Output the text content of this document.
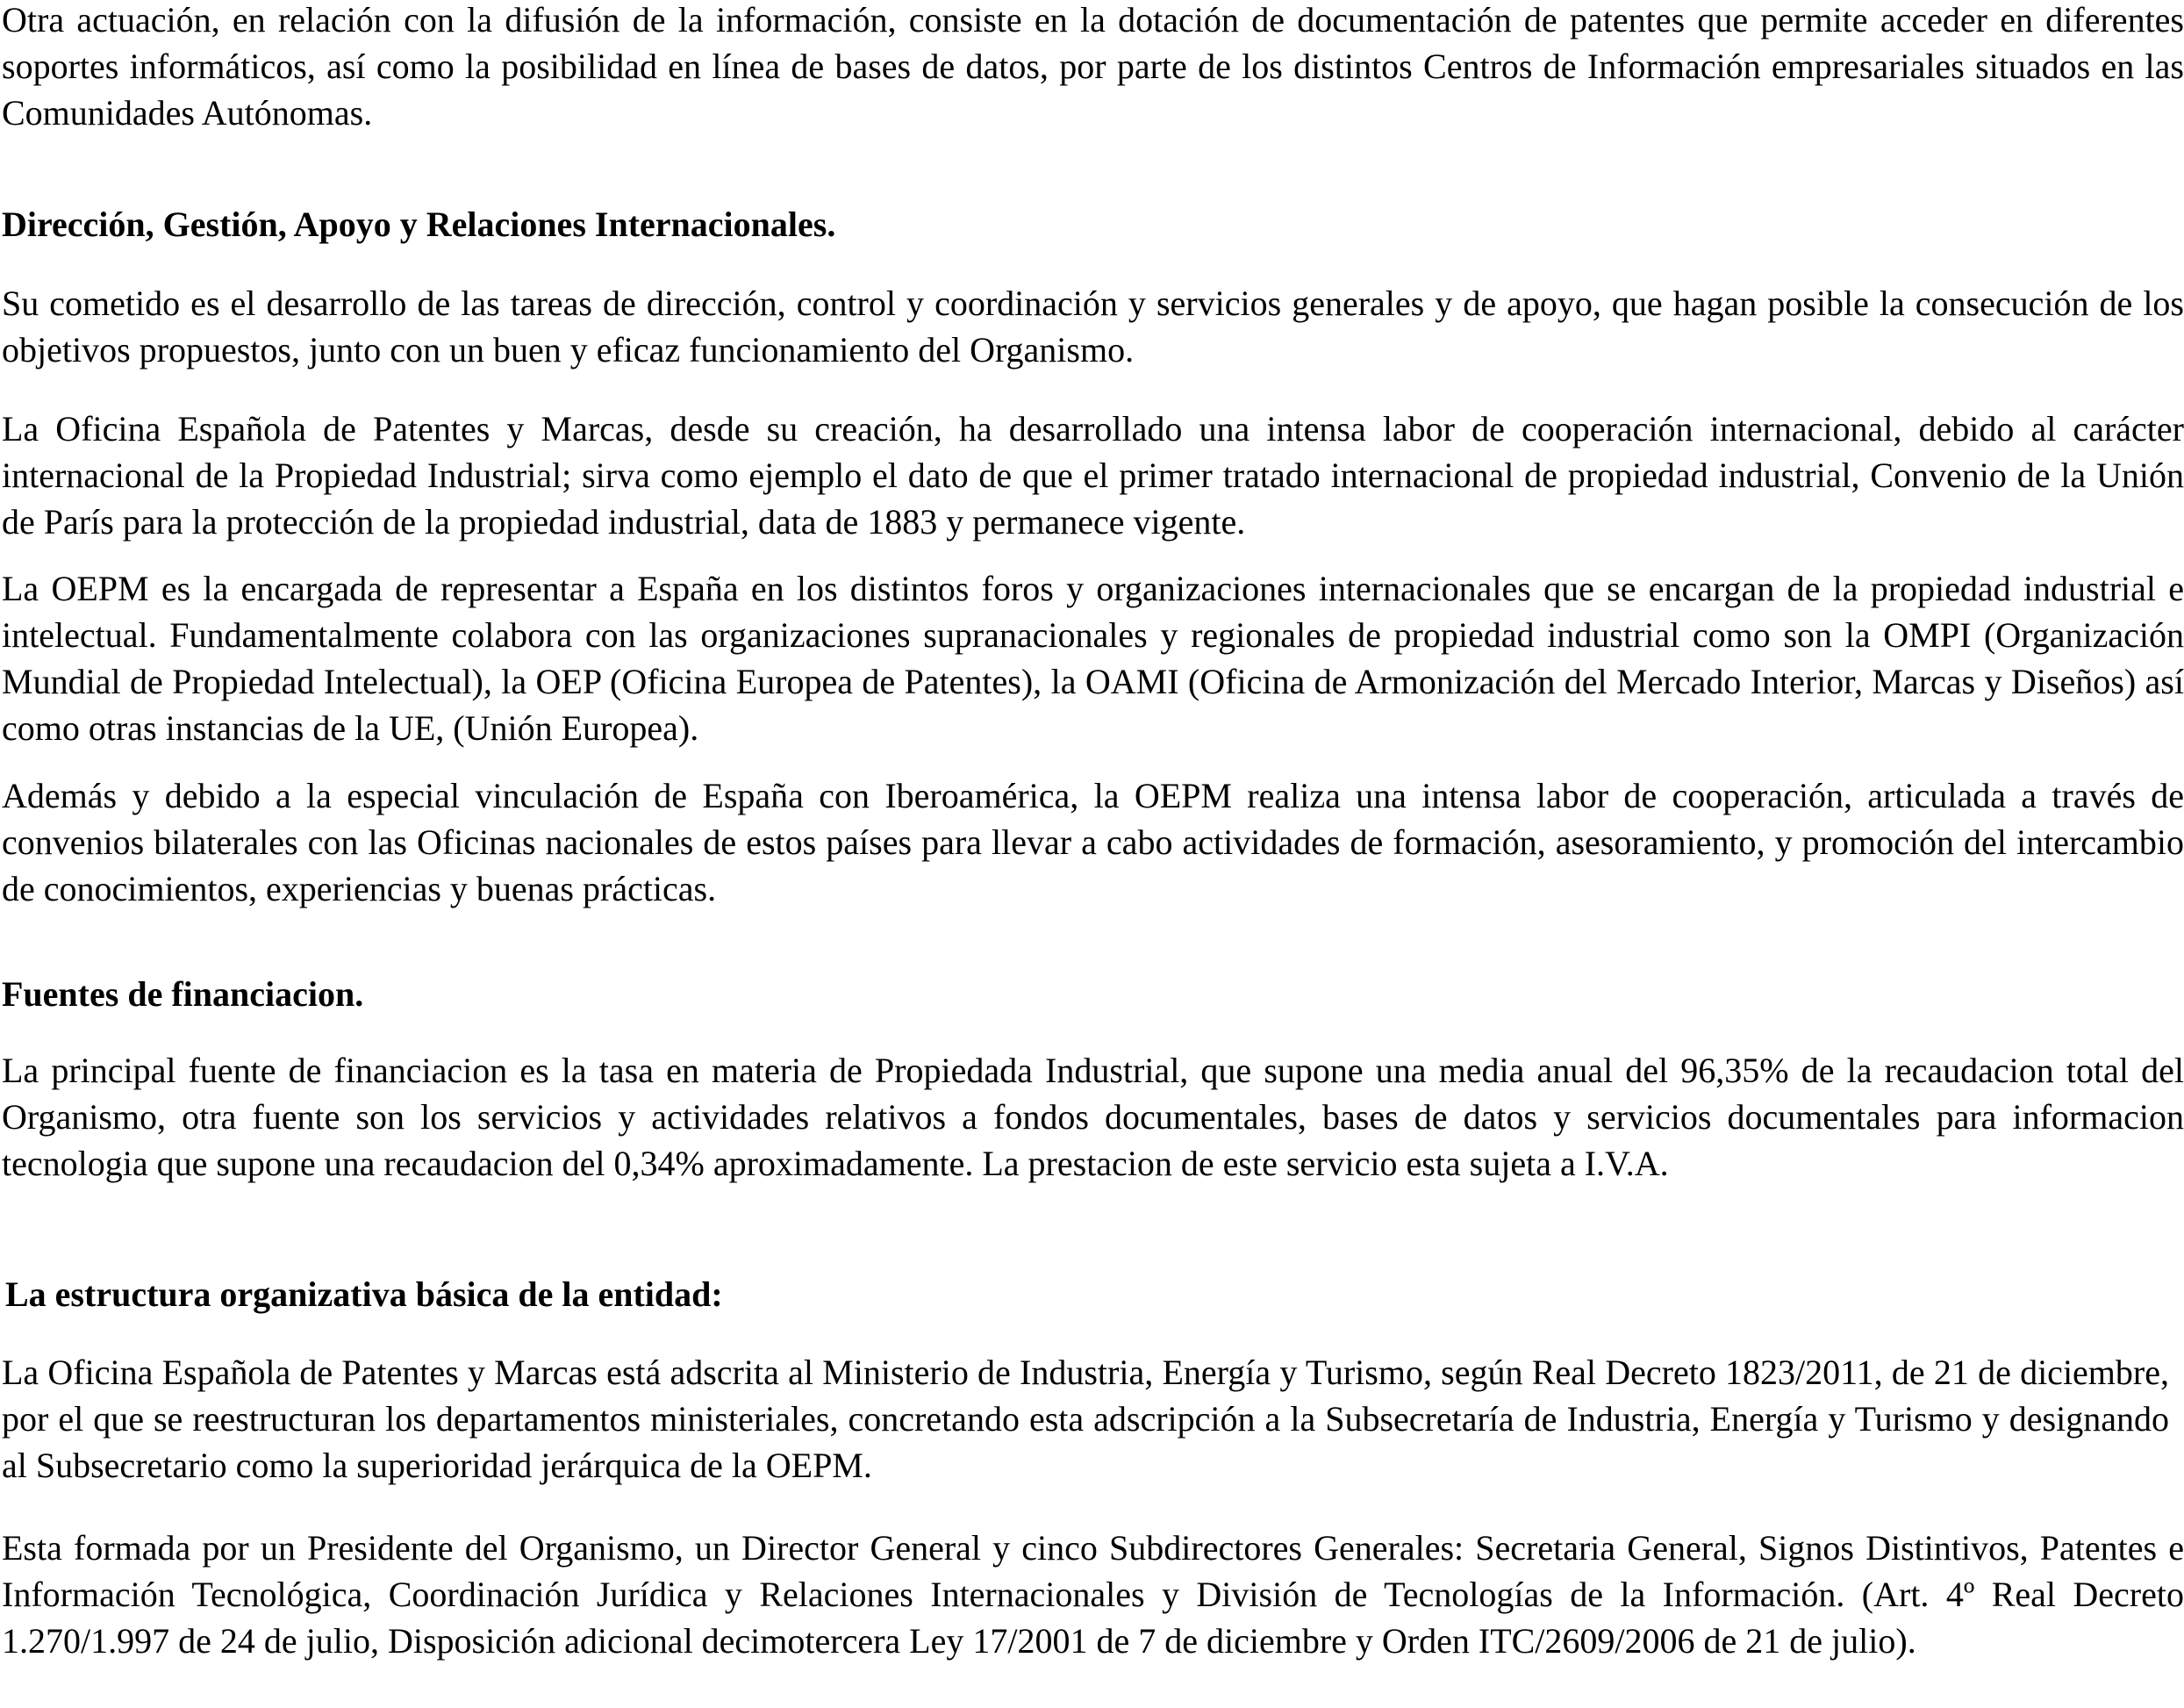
Otra actuación, en relación con la difusión de la información, consiste en la dotación de documentación de patentes que permite acceder en diferentes soportes informáticos, así como la posibilidad en línea de bases de datos, por parte de los distintos Centros de Información empresariales situados en las Comunidades Autónomas.

Dirección, Gestión, Apoyo y Relaciones Internacionales.

Su cometido es el desarrollo de las tareas de dirección, control y coordinación y servicios generales y de apoyo, que hagan posible la consecución de los objetivos propuestos, junto con un buen y eficaz funcionamiento del Organismo.

La Oficina Española de Patentes y Marcas, desde su creación, ha desarrollado una intensa labor de cooperación internacional, debido al carácter internacional de la Propiedad Industrial; sirva como ejemplo el dato de que el primer tratado internacional de propiedad industrial, Convenio de la Unión de París para la protección de la propiedad industrial, data de 1883 y permanece vigente.

La OEPM es la encargada de representar a España en los distintos foros y organizaciones internacionales que se encargan de la propiedad industrial e intelectual. Fundamentalmente colabora con las organizaciones supranacionales y regionales de propiedad industrial como son la OMPI (Organización Mundial de Propiedad Intelectual), la OEP (Oficina Europea de Patentes), la OAMI (Oficina de Armonización del Mercado Interior, Marcas y Diseños) así como otras instancias de la UE, (Unión Europea).

Además y debido a la especial vinculación de España con Iberoamérica, la OEPM realiza una intensa labor de cooperación, articulada a través de convenios bilaterales con las Oficinas nacionales de estos países para llevar a cabo actividades de formación, asesoramiento, y promoción del intercambio de conocimientos, experiencias y buenas prácticas.

Fuentes de financiacion.

La principal fuente de financiacion es la tasa en materia de Propiedada Industrial, que supone una media anual del 96,35% de la recaudacion total del Organismo, otra fuente son los servicios y actividades relativos a fondos documentales, bases de datos y servicios documentales para informacion tecnologia que supone una recaudacion del 0,34% aproximadamente. La prestacion de este servicio esta sujeta a I.V.A.

La estructura organizativa básica de la entidad:

La Oficina Española de Patentes y Marcas está adscrita al Ministerio de Industria, Energía y Turismo, según Real Decreto 1823/2011, de 21 de diciembre, por el que se reestructuran los departamentos ministeriales, concretando esta adscripción a la Subsecretaría de Industria, Energía y Turismo y designando al Subsecretario como la superioridad jerárquica de la OEPM.

Esta formada por un Presidente del Organismo, un Director General y cinco Subdirectores Generales: Secretaria General, Signos Distintivos, Patentes e Información Tecnológica, Coordinación Jurídica y Relaciones Internacionales y División de Tecnologías de la Información. (Art. 4º Real Decreto 1.270/1.997 de 24 de julio, Disposición adicional decimotercera Ley 17/2001 de 7 de diciembre y Orden ITC/2609/2006 de 21 de julio).
